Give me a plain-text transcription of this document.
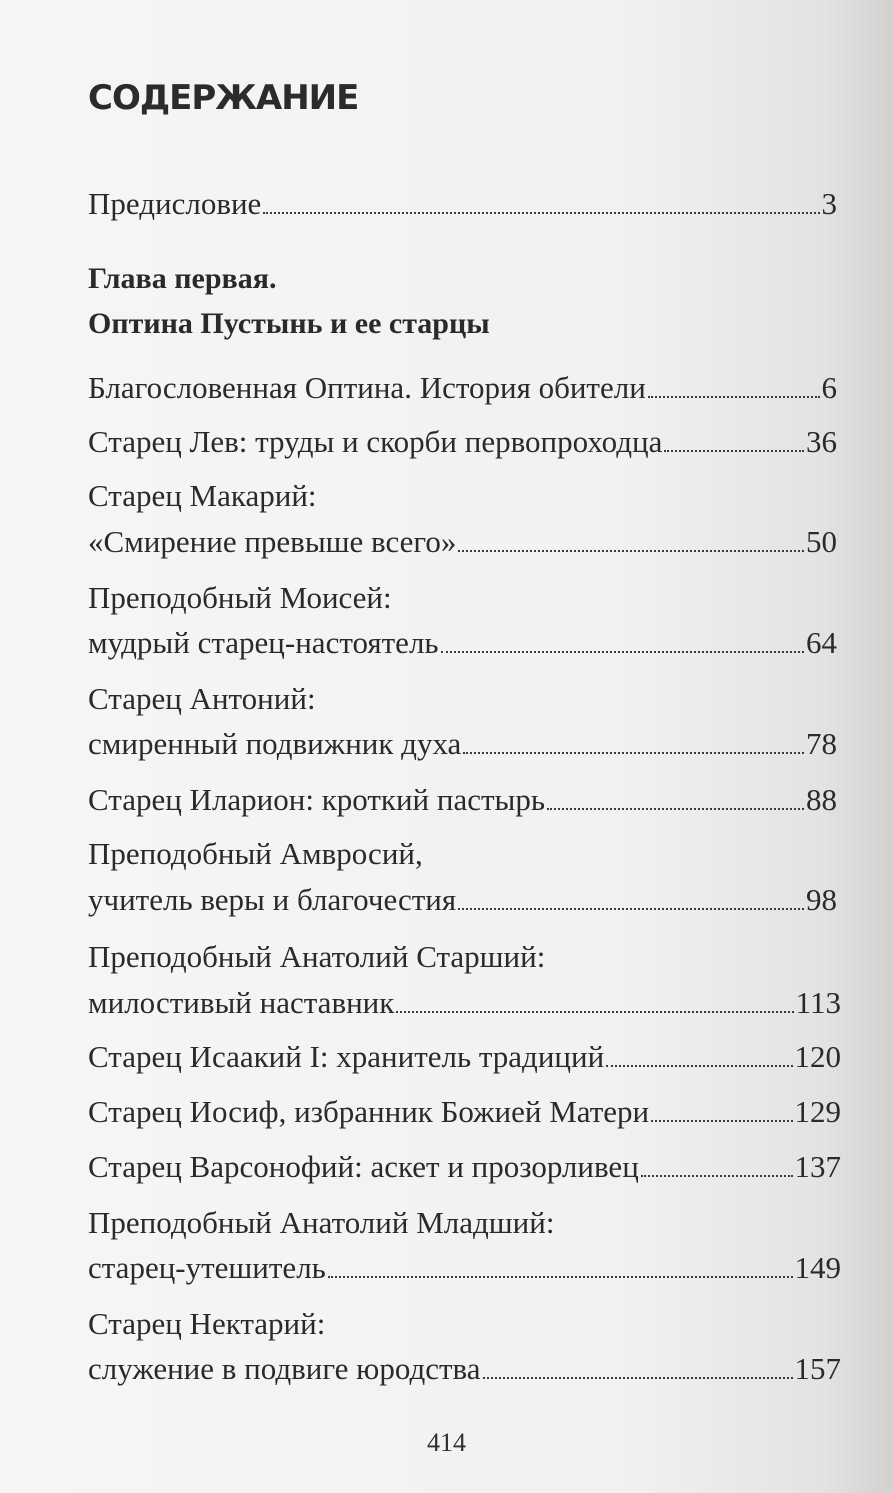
СОДЕРЖАНИЕ
Предисловие	3
Глава первая.
Оптина Пустынь и ее старцы
Благословенная Оптина. История обители	6
Старец Лев: труды и скорби первопроходца	36
Старец Макарий:
«Смирение превыше всего»	50
Преподобный Моисей:
мудрый старец-настоятель	64
Старец Антоний:
смиренный подвижник духа	78
Старец Иларион: кроткий пастырь	88
Преподобный Амвросий,
учитель веры и благочестия	98
Преподобный Анатолий Старший:
милостивый наставник	113
Старец Исаакий I: хранитель традиций	120
Старец Иосиф, избранник Божией Матери	129
Старец Варсонофий: аскет и прозорливец	137
Преподобный Анатолий Младший:
старец-утешитель	149
Старец Нектарий:
служение в подвиге юродства	157
414
